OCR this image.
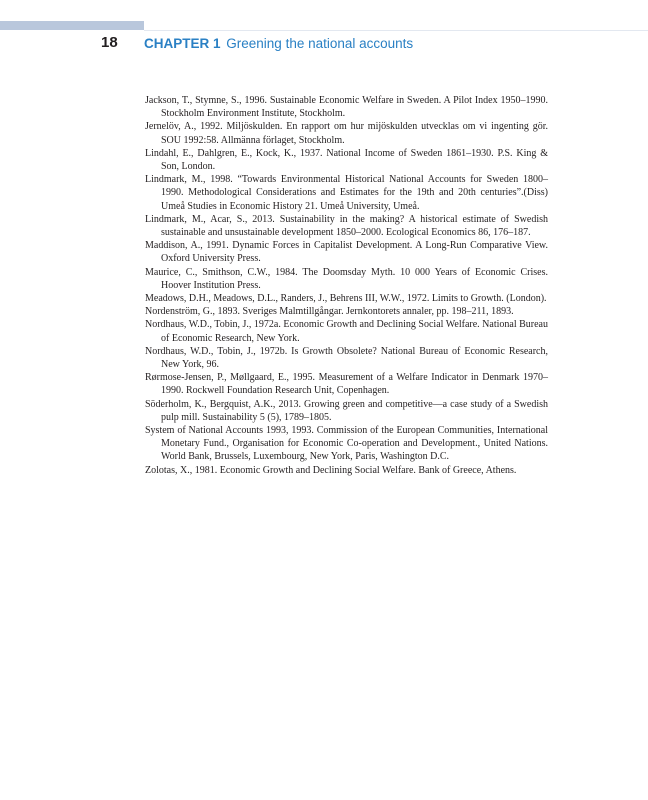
18 CHAPTER 1 Greening the national accounts
Jackson, T., Stymne, S., 1996. Sustainable Economic Welfare in Sweden. A Pilot Index 1950–1990. Stockholm Environment Institute, Stockholm.
Jernelöv, A., 1992. Miljöskulden. En rapport om hur mijöskulden utvecklas om vi ingenting gör. SOU 1992:58. Allmänna förlaget, Stockholm.
Lindahl, E., Dahlgren, E., Kock, K., 1937. National Income of Sweden 1861–1930. P.S. King & Son, London.
Lindmark, M., 1998. “Towards Environmental Historical National Accounts for Sweden 1800–1990. Methodological Considerations and Estimates for the 19th and 20th centuries”.(Diss) Umeå Studies in Economic History 21. Umeå University, Umeå.
Lindmark, M., Acar, S., 2013. Sustainability in the making? A historical estimate of Swedish sustainable and unsustainable development 1850–2000. Ecological Economics 86, 176–187.
Maddison, A., 1991. Dynamic Forces in Capitalist Development. A Long-Run Comparative View. Oxford University Press.
Maurice, C., Smithson, C.W., 1984. The Doomsday Myth. 10 000 Years of Economic Crises. Hoover Institution Press.
Meadows, D.H., Meadows, D.L., Randers, J., Behrens III, W.W., 1972. Limits to Growth. (London).
Nordenström, G., 1893. Sveriges Malmtillgångar. Jernkontorets annaler, pp. 198–211, 1893.
Nordhaus, W.D., Tobin, J., 1972a. Economic Growth and Declining Social Welfare. National Bureau of Economic Research, New York.
Nordhaus, W.D., Tobin, J., 1972b. Is Growth Obsolete? National Bureau of Economic Research, New York, 96.
Rørmose-Jensen, P., Møllgaard, E., 1995. Measurement of a Welfare Indicator in Denmark 1970–1990. Rockwell Foundation Research Unit, Copenhagen.
Söderholm, K., Bergquist, A.K., 2013. Growing green and competitive—a case study of a Swedish pulp mill. Sustainability 5 (5), 1789–1805.
System of National Accounts 1993, 1993. Commission of the European Communities, International Monetary Fund., Organisation for Economic Co-operation and Development., United Nations. World Bank, Brussels, Luxembourg, New York, Paris, Washington D.C.
Zolotas, X., 1981. Economic Growth and Declining Social Welfare. Bank of Greece, Athens.
